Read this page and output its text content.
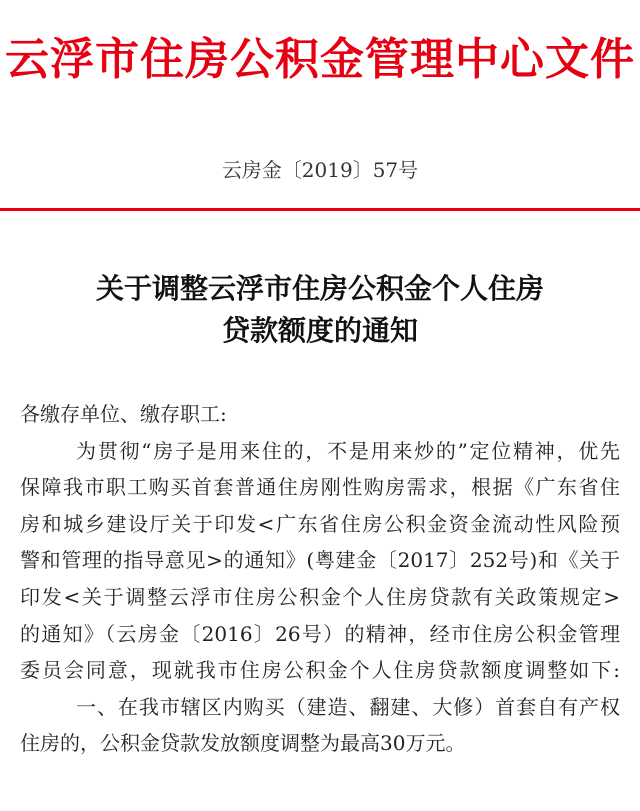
云浮市住房公积金管理中心文件
云房金〔2019〕57号
关于调整云浮市住房公积金个人住房
贷款额度的通知

各缴存单位、缴存职工:

为贯彻“房子是用来住的，不是用来炒的”定位精神，优先

保障我市职工购买首套普通住房刚性购房需求，根据《广东省住

房和城乡建设厅关于印发<广东省住房公积金资金流动性风险预

警和管理的指导意见>的通知》(粤建金〔2017〕252号)和《关于

印发<关于调整云浮市住房公积金个人住房贷款有关政策规定>

的通知》（云房金〔2016〕26号）的精神，经市住房公积金管理

委员会同意，现就我市住房公积金个人住房贷款额度调整如下:

一、在我市辖区内购买（建造、翻建、大修）首套自有产权

住房的，公积金贷款发放额度调整为最高30万元。
